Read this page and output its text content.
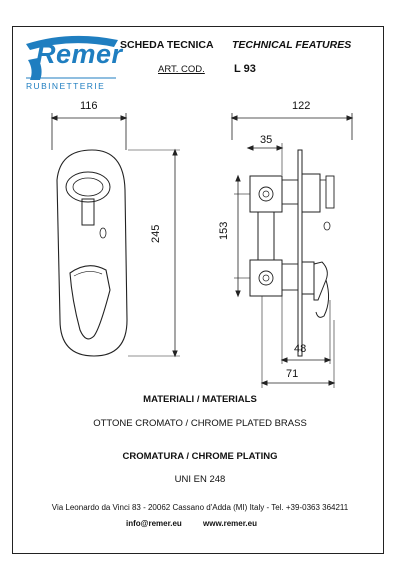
Remer
RUBINETTERIE
SCHEDA TECNICA TECHNICAL FEATURES
ART. COD.	L 93
116
245
122
35
153
48
71
MATERIALI / MATERIALS
OTTONE CROMATO / CHROME PLATED BRASS
CROMATURA / CHROME PLATING
UNI EN 248
Via Leonardo da Vinci 83 - 20062 Cassano d'Adda (MI) Italy - Tel. +39-0363 364211
info@remer.eu	www.remer.eu
